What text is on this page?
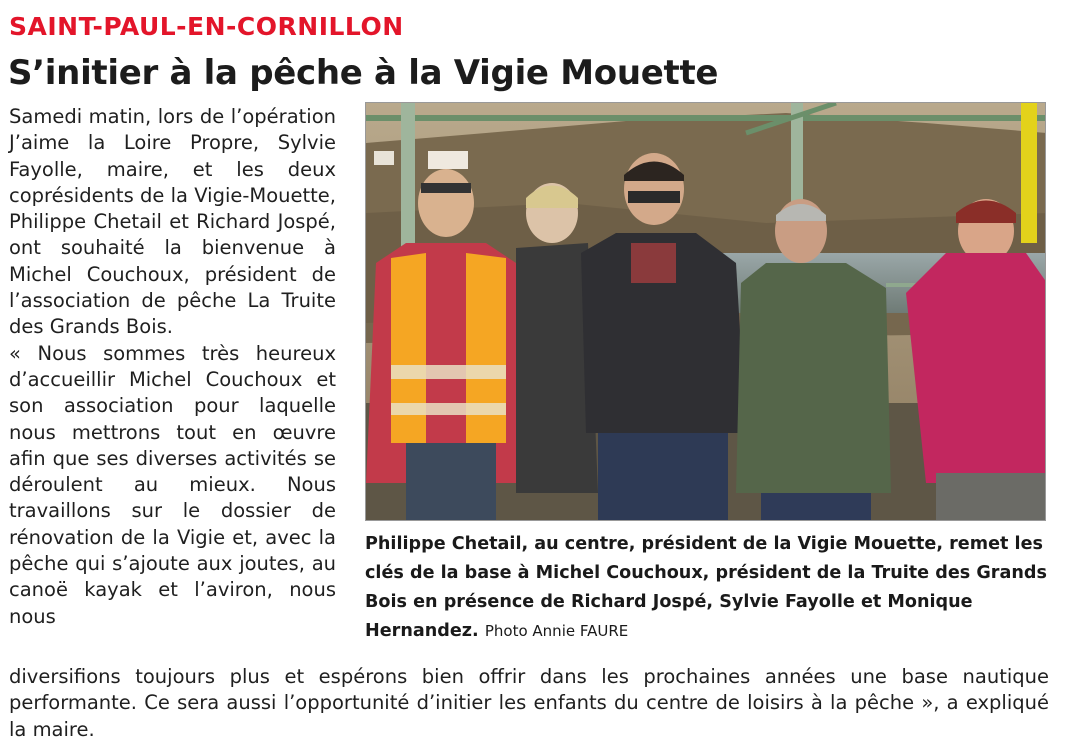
SAINT-PAUL-EN-CORNILLON
S’initier à la pêche à la Vigie Mouette

Samedi matin, lors de l’opération J’aime la Loire Propre, Sylvie Fayolle, maire, et les deux coprésidents de la Vigie-Mouette, Philippe Chetail et Richard Jospé, ont souhaité la bienvenue à Michel Couchoux, président de l’association de pêche La Truite des Grands Bois.

« Nous sommes très heureux d’accueillir Michel Couchoux et son association pour laquelle nous mettrons tout en œuvre afin que ses diverses activités se déroulent au mieux. Nous travaillons sur le dossier de rénovation de la Vigie et, avec la pêche qui s’ajoute aux joutes, au canoë kayak et l’aviron, nous nous

Philippe Chetail, au centre, président de la Vigie Mouette, remet les clés de la base à Michel Couchoux, président de la Truite des Grands Bois en présence de Richard Jospé, Sylvie Fayolle et Monique Hernandez. Photo Annie FAURE

diversifions toujours plus et espérons bien offrir dans les prochaines années une base nautique performante. Ce sera aussi l’opportunité d’initier les enfants du centre de loisirs à la pêche », a expliqué la maire.
